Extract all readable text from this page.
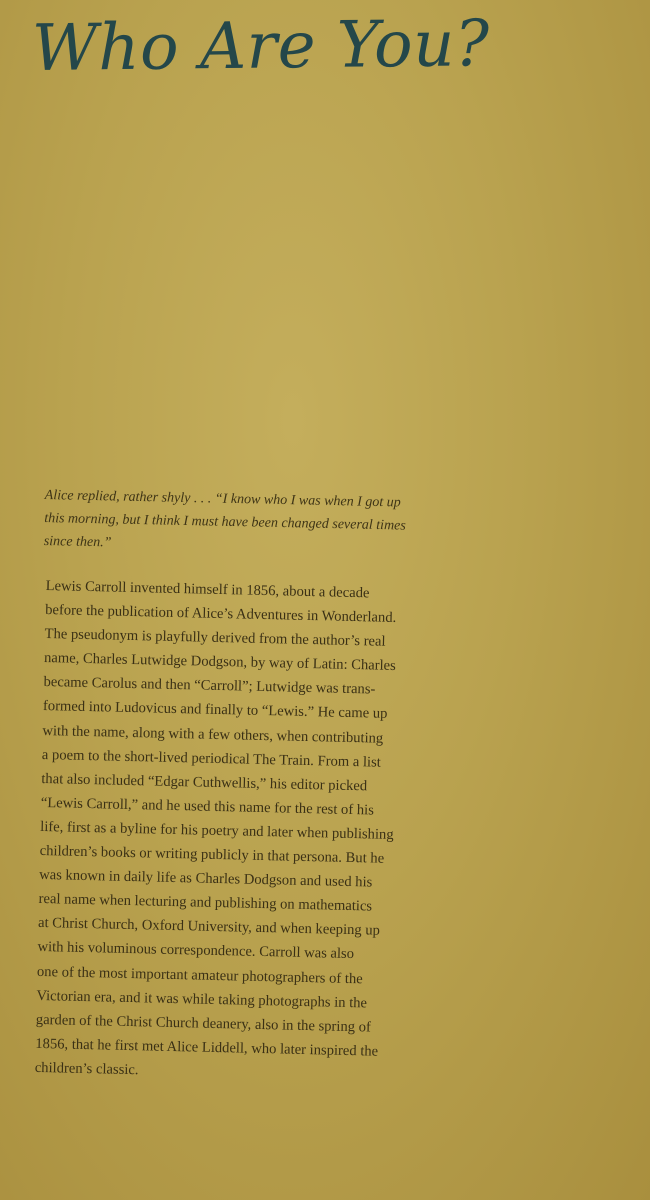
Who Are You?

Alice replied, rather shyly . . . “I know who I was when I got up
this morning, but I think I must have been changed several times
since then.”

Lewis Carroll invented himself in 1856, about a decade
before the publication of Alice’s Adventures in Wonderland.
The pseudonym is playfully derived from the author’s real
name, Charles Lutwidge Dodgson, by way of Latin: Charles
became Carolus and then “Carroll”; Lutwidge was trans-
formed into Ludovicus and finally to “Lewis.” He came up
with the name, along with a few others, when contributing
a poem to the short-lived periodical The Train. From a list
that also included “Edgar Cuthwellis,” his editor picked
“Lewis Carroll,” and he used this name for the rest of his
life, first as a byline for his poetry and later when publishing
children’s books or writing publicly in that persona. But he
was known in daily life as Charles Dodgson and used his
real name when lecturing and publishing on mathematics
at Christ Church, Oxford University, and when keeping up
with his voluminous correspondence. Carroll was also
one of the most important amateur photographers of the
Victorian era, and it was while taking photographs in the
garden of the Christ Church deanery, also in the spring of
1856, that he first met Alice Liddell, who later inspired the
children’s classic.
